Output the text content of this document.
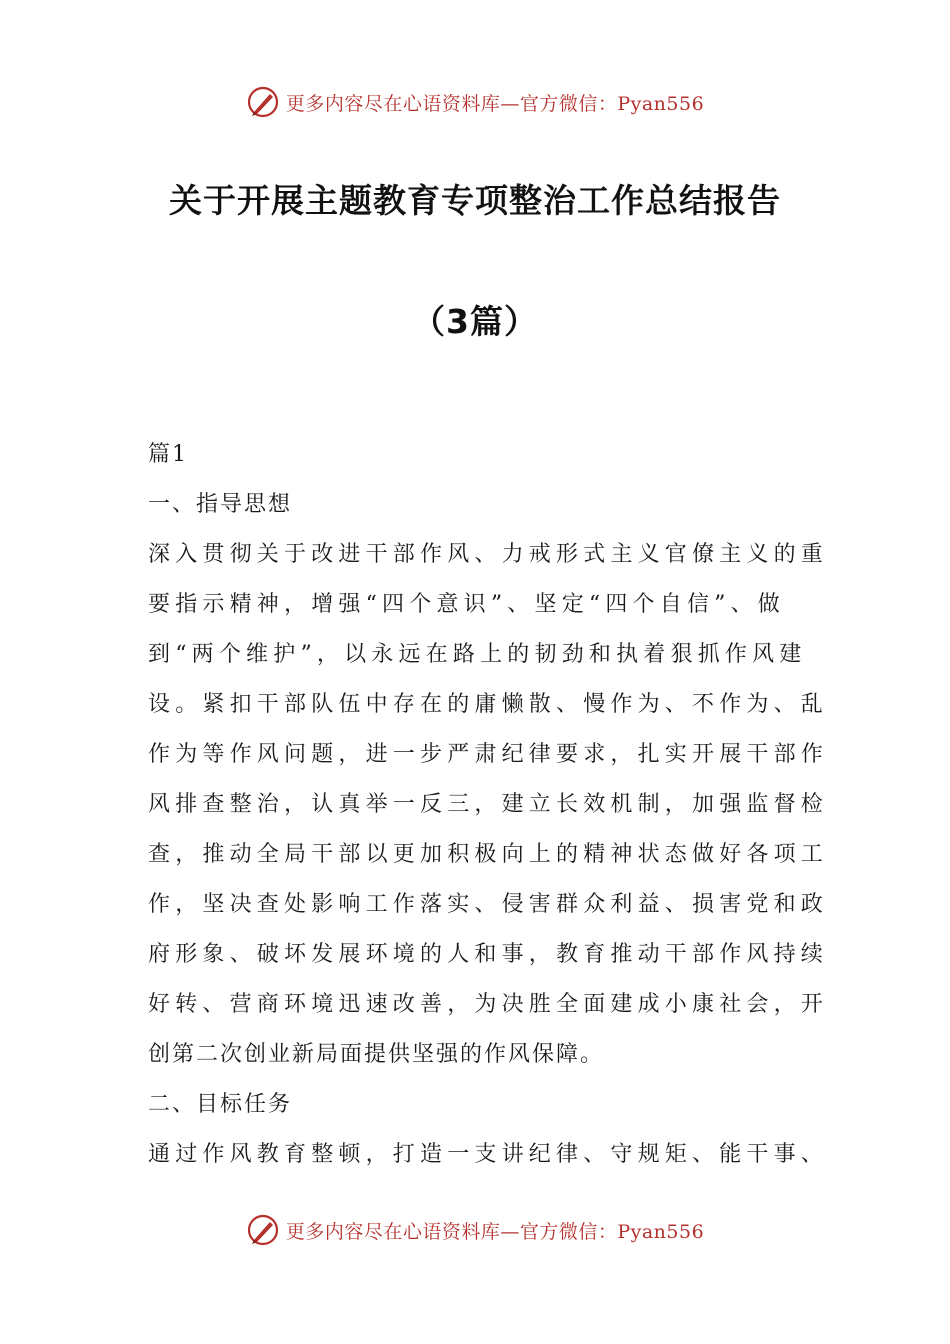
更多内容尽在心语资料库—官方微信：Pyan556
关于开展主题教育专项整治工作总结报告
（3篇）
篇1
一、指导思想
深入贯彻关于改进干部作风、力戒形式主义官僚主义的重
要指示精神，增强“四个意识”、坚定“四个自信”、做
到“两个维护”，以永远在路上的韧劲和执着狠抓作风建
设。紧扣干部队伍中存在的庸懒散、慢作为、不作为、乱
作为等作风问题，进一步严肃纪律要求，扎实开展干部作
风排查整治，认真举一反三，建立长效机制，加强监督检
查，推动全局干部以更加积极向上的精神状态做好各项工
作，坚决查处影响工作落实、侵害群众利益、损害党和政
府形象、破坏发展环境的人和事，教育推动干部作风持续
好转、营商环境迅速改善，为决胜全面建成小康社会，开
创第二次创业新局面提供坚强的作风保障。
二、目标任务
通过作风教育整顿，打造一支讲纪律、守规矩、能干事、
更多内容尽在心语资料库—官方微信：Pyan556
